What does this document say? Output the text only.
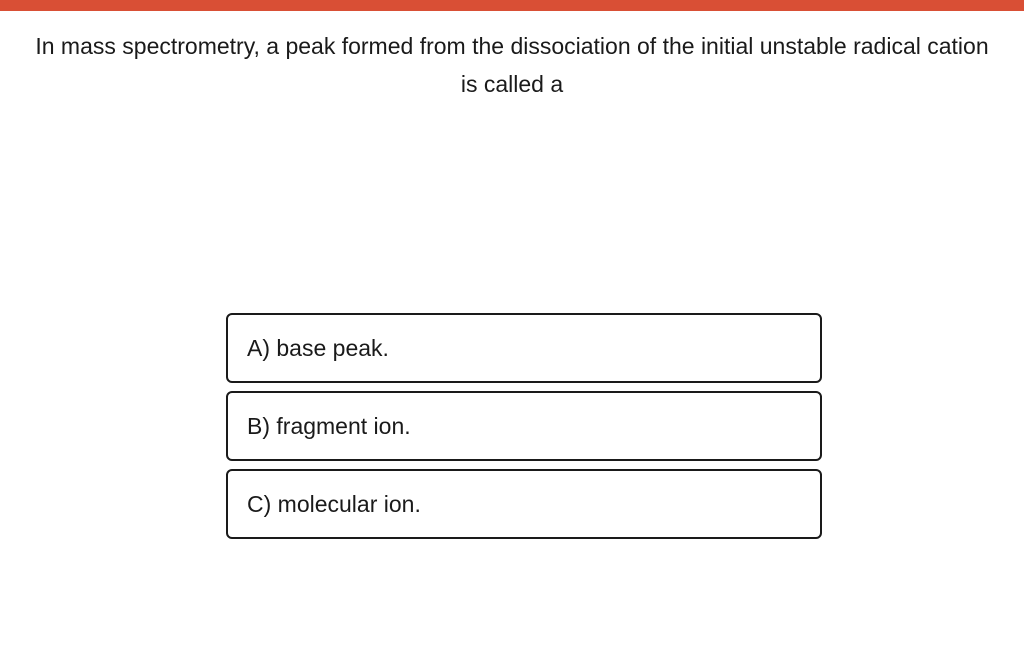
In mass spectrometry, a peak formed from the dissociation of the initial unstable radical cation is called a
A) base peak.
B) fragment ion.
C) molecular ion.
